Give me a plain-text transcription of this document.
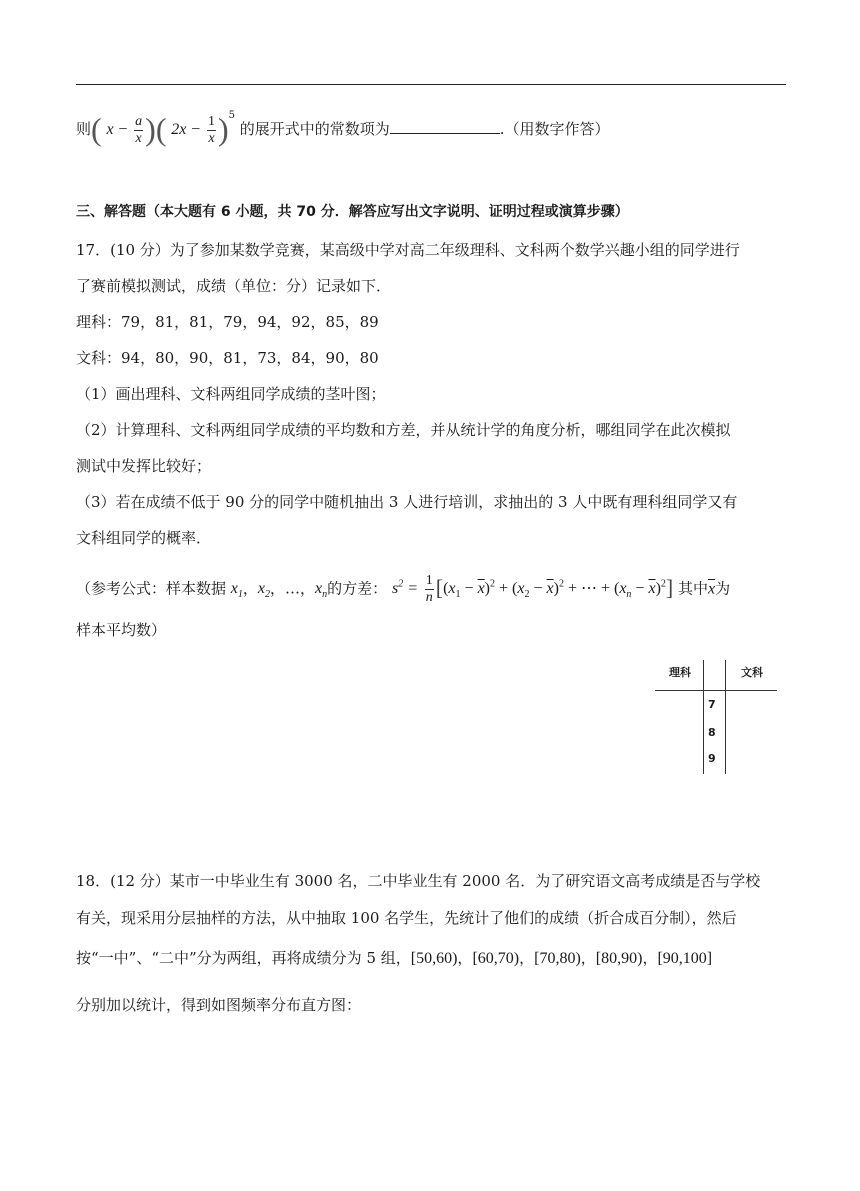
则( $x - \frac{a}{x}$ )( $2x - \frac{1}{x} )^5$ 的展开式中的常数项为	.（用数字作答）
三、解答题（本大题有 6 小题，共 70 分．解答应写出文字说明、证明过程或演算步骤）
17．(10 分）为了参加某数学竞赛，某高级中学对高二年级理科、文科两个数学兴趣小组的同学进行
了赛前模拟测试，成绩（单位：分）记录如下．
理科：79，81，81，79，94，92，85，89
文科：94，80，90，81，73，84，90，80
（1）画出理科、文科两组同学成绩的茎叶图；
（2）计算理科、文科两组同学成绩的平均数和方差，并从统计学的角度分析，哪组同学在此次模拟
测试中发挥比较好；
（3）若在成绩不低于 90 分的同学中随机抽出 3 人进行培训，求抽出的 3 人中既有理科组同学又有
文科组同学的概率．
（参考公式：样本数据 $x_1$，$x_2$，…，$x_n$的方差： $s^2 = \frac{1}{n} [(x_1 - \overline{x})^2 + (x_2 - \overline{x})^2$ + ⋯ + $(x_n - \overline{x})^2$] 其中$\overline{x}$为
样本平均数）
理科	文科
7
8
9
18．(12 分）某市一中毕业生有 3000 名，二中毕业生有 2000 名．为了研究语文高考成绩是否与学校
有关，现采用分层抽样的方法，从中抽取 100 名学生，先统计了他们的成绩（折合成百分制），然后
按“一中”、“二中”分为两组，再将成绩分为 5 组，[50,60)，[60,70)，[70,80)，[80,90)，[90,100]
分别加以统计，得到如图频率分布直方图：
